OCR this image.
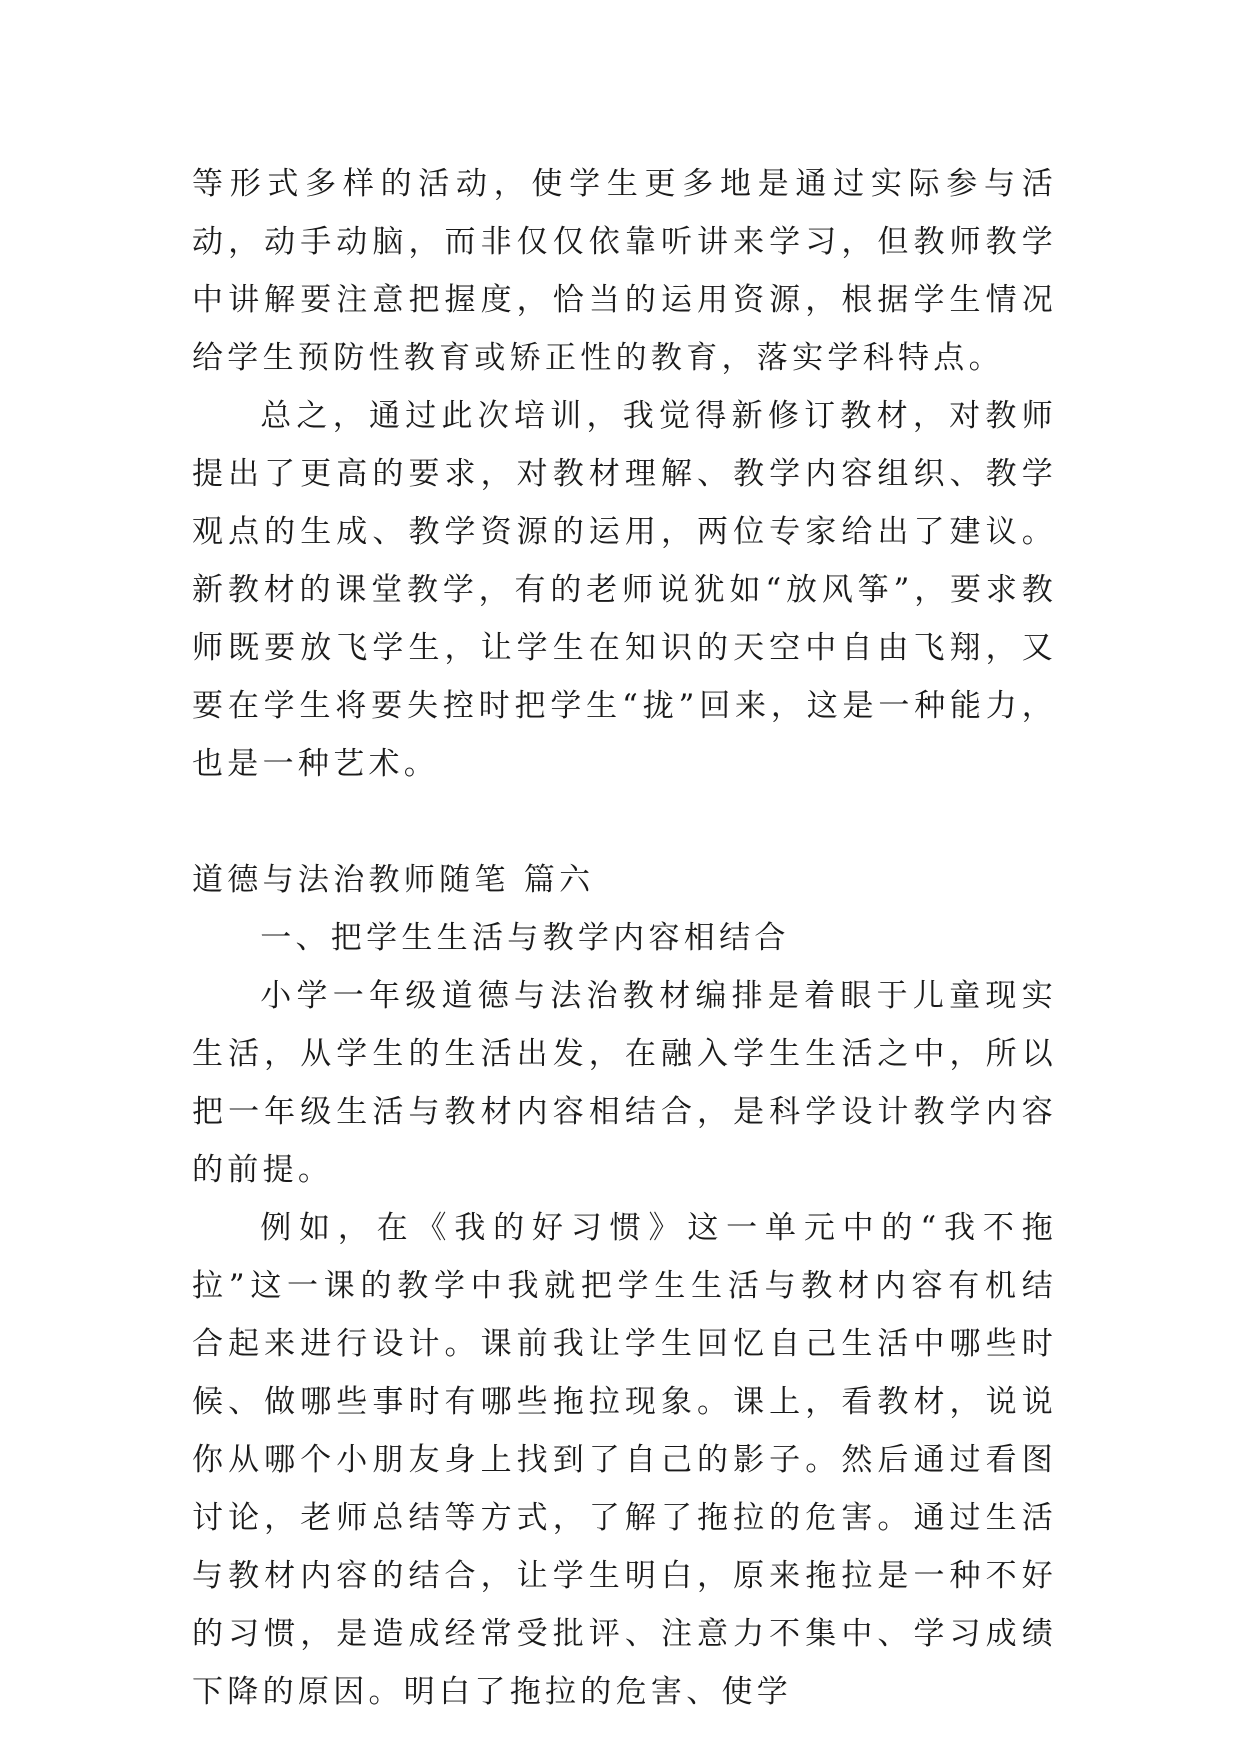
等形式多样的活动，使学生更多地是通过实际参与活动，动手动脑，而非仅仅依靠听讲来学习，但教师教学中讲解要注意把握度，恰当的运用资源，根据学生情况给学生预防性教育或矫正性的教育，落实学科特点。

总之，通过此次培训，我觉得新修订教材，对教师提出了更高的要求，对教材理解、教学内容组织、教学观点的生成、教学资源的运用，两位专家给出了建议。新教材的课堂教学，有的老师说犹如“放风筝”，要求教师既要放飞学生，让学生在知识的天空中自由飞翔，又要在学生将要失控时把学生“拢”回来，这是一种能力，也是一种艺术。

道德与法治教师随笔 篇六

一、把学生生活与教学内容相结合

小学一年级道德与法治教材编排是着眼于儿童现实生活，从学生的生活出发，在融入学生生活之中，所以把一年级生活与教材内容相结合，是科学设计教学内容的前提。

例如，在《我的好习惯》这一单元中的“我不拖拉”这一课的教学中我就把学生生活与教材内容有机结合起来进行设计。课前我让学生回忆自己生活中哪些时候、做哪些事时有哪些拖拉现象。课上，看教材，说说你从哪个小朋友身上找到了自己的影子。然后通过看图讨论，老师总结等方式，了解了拖拉的危害。通过生活与教材内容的结合，让学生明白，原来拖拉是一种不好的习惯，是造成经常受批评、注意力不集中、学习成绩下降的原因。明白了拖拉的危害、使学
